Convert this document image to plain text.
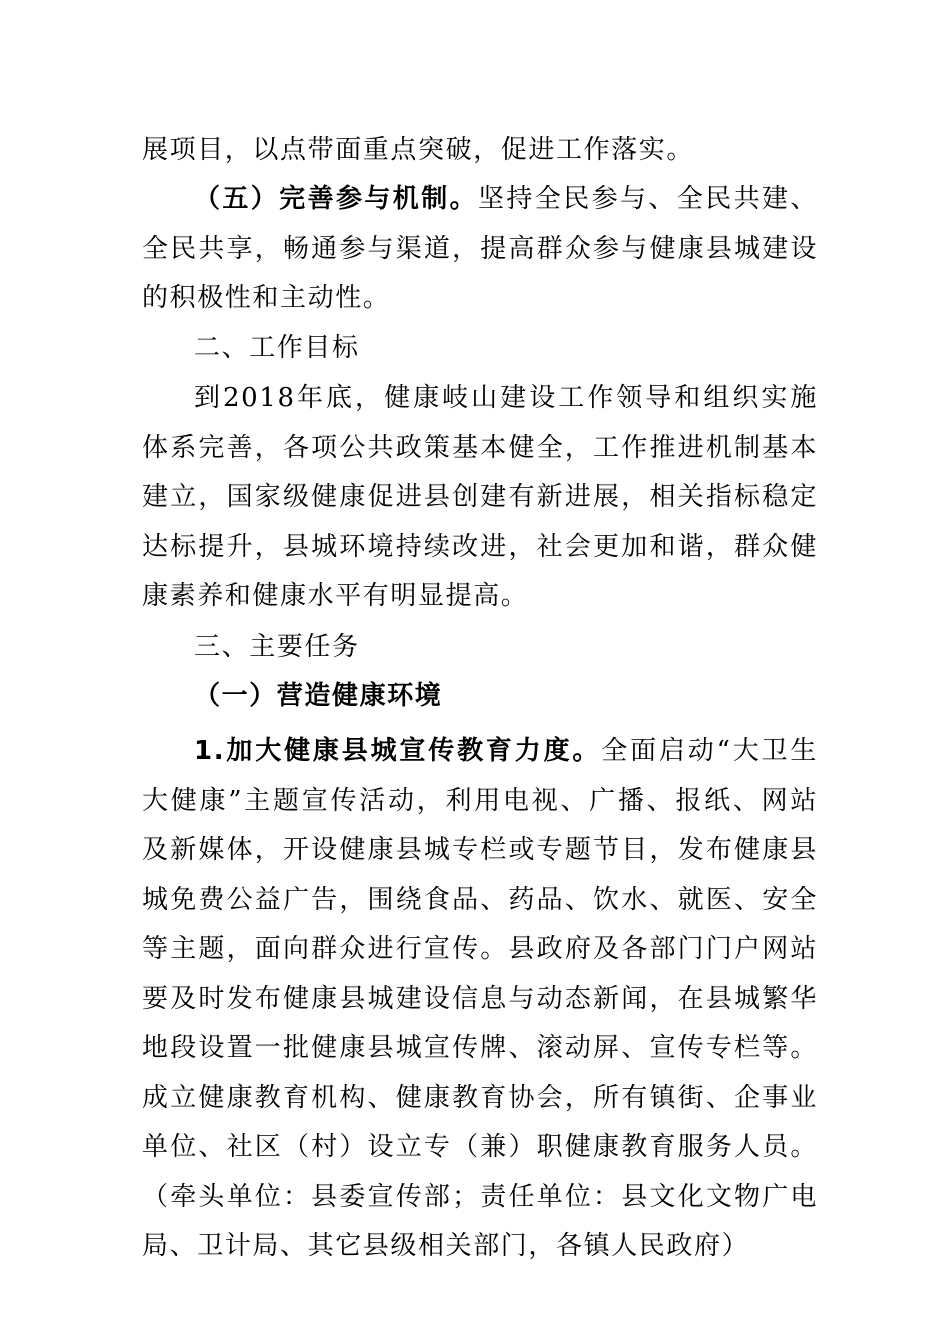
展项目，以点带面重点突破，促进工作落实。

（五）完善参与机制。坚持全民参与、全民共建、全民共享，畅通参与渠道，提高群众参与健康县城建设的积极性和主动性。

二、工作目标

到2018年底，健康岐山建设工作领导和组织实施体系完善，各项公共政策基本健全，工作推进机制基本建立，国家级健康促进县创建有新进展，相关指标稳定达标提升，县城环境持续改进，社会更加和谐，群众健康素养和健康水平有明显提高。

三、主要任务

（一）营造健康环境

1.加大健康县城宣传教育力度。全面启动“大卫生大健康”主题宣传活动，利用电视、广播、报纸、网站及新媒体，开设健康县城专栏或专题节目，发布健康县城免费公益广告，围绕食品、药品、饮水、就医、安全等主题，面向群众进行宣传。县政府及各部门门户网站要及时发布健康县城建设信息与动态新闻，在县城繁华地段设置一批健康县城宣传牌、滚动屏、宣传专栏等。成立健康教育机构、健康教育协会，所有镇街、企事业单位、社区（村）设立专（兼）职健康教育服务人员。（牵头单位：县委宣传部；责任单位：县文化文物广电局、卫计局、其它县级相关部门，各镇人民政府）
